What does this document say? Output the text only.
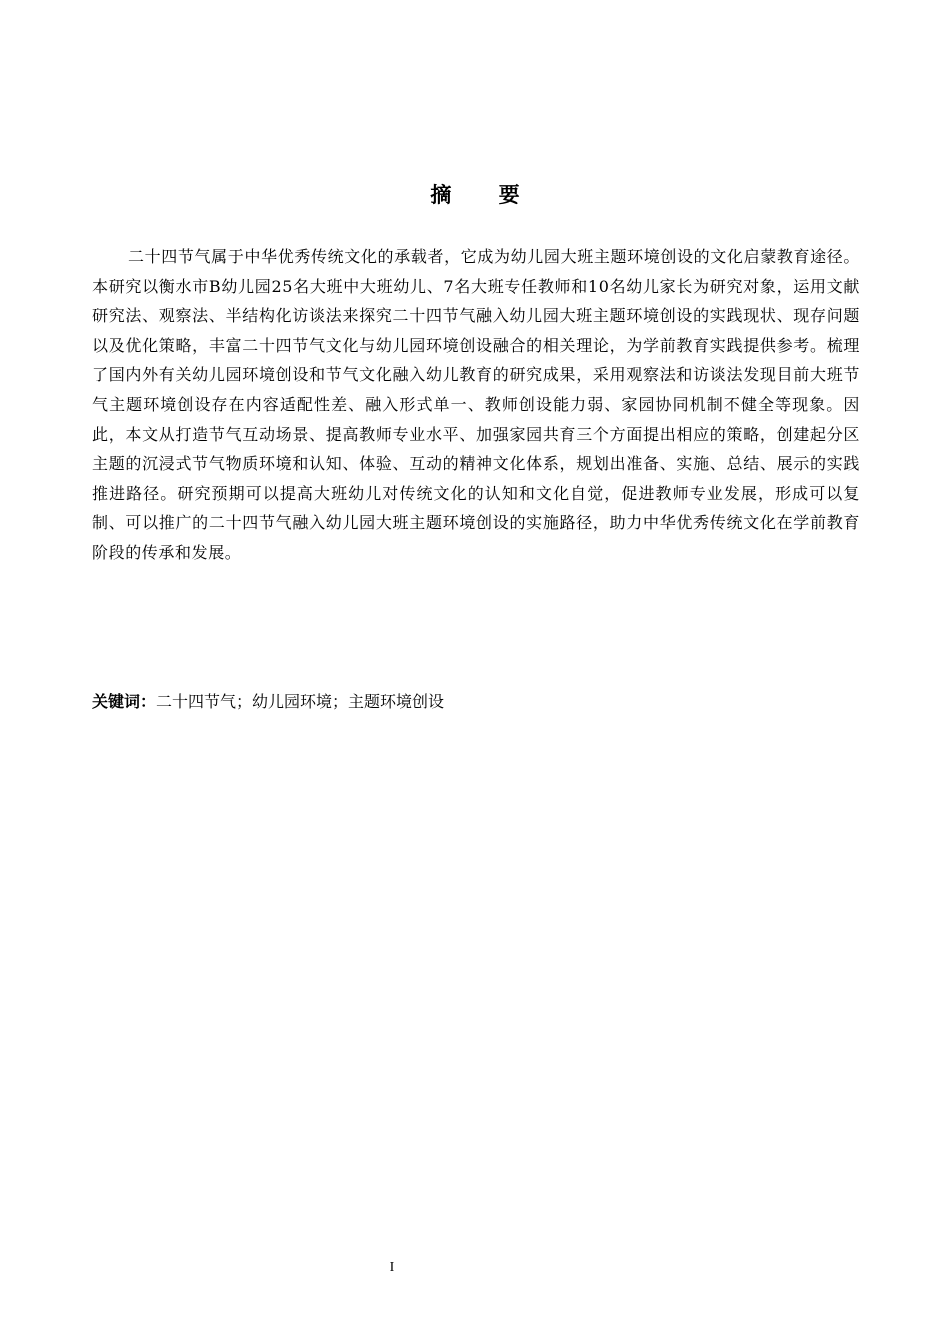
摘 要

二十四节气属于中华优秀传统文化的承载者，它成为幼儿园大班主题环境创设的文化启蒙教育途径。本研究以衡水市B幼儿园25名大班中大班幼儿、7名大班专任教师和10名幼儿家长为研究对象，运用文献研究法、观察法、半结构化访谈法来探究二十四节气融入幼儿园大班主题环境创设的实践现状、现存问题以及优化策略，丰富二十四节气文化与幼儿园环境创设融合的相关理论，为学前教育实践提供参考。梳理了国内外有关幼儿园环境创设和节气文化融入幼儿教育的研究成果，采用观察法和访谈法发现目前大班节气主题环境创设存在内容适配性差、融入形式单一、教师创设能力弱、家园协同机制不健全等现象。因此，本文从打造节气互动场景、提高教师专业水平、加强家园共育三个方面提出相应的策略，创建起分区主题的沉浸式节气物质环境和认知、体验、互动的精神文化体系，规划出准备、实施、总结、展示的实践推进路径。研究预期可以提高大班幼儿对传统文化的认知和文化自觉，促进教师专业发展，形成可以复制、可以推广的二十四节气融入幼儿园大班主题环境创设的实施路径，助力中华优秀传统文化在学前教育阶段的传承和发展。

关键词：二十四节气；幼儿园环境；主题环境创设
I
